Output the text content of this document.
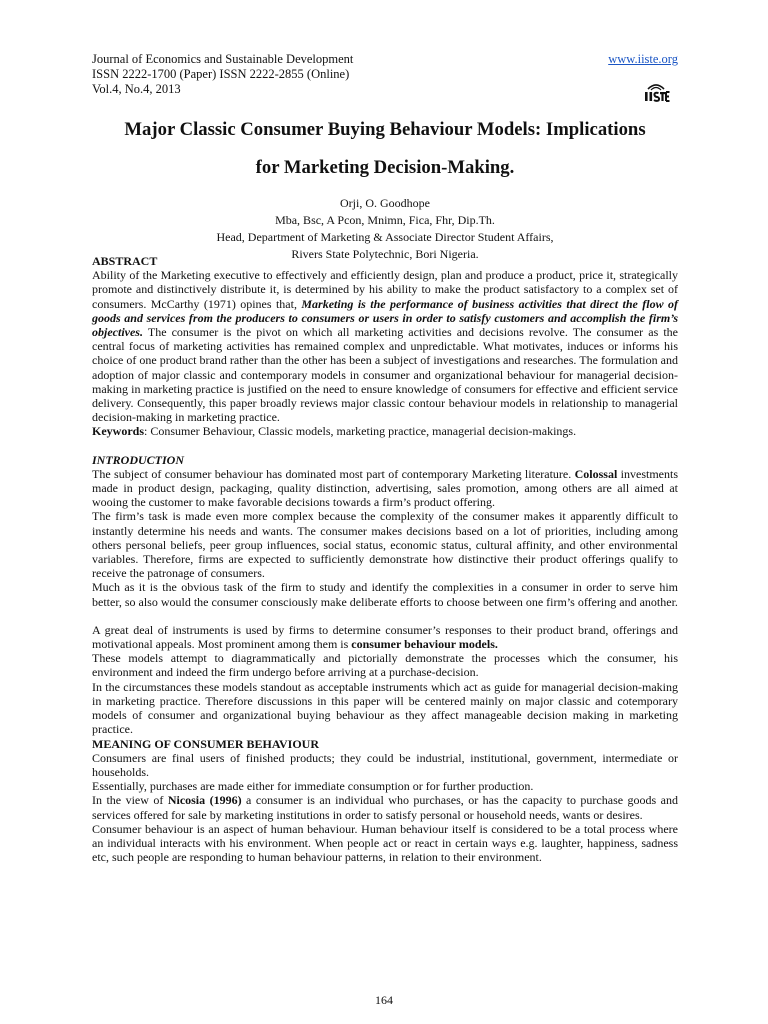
Journal of Economics and Sustainable Development
ISSN 2222-1700 (Paper) ISSN 2222-2855 (Online)
Vol.4, No.4, 2013
www.iiste.org
Major Classic Consumer Buying Behaviour Models: Implications
for Marketing Decision-Making.
Orji, O. Goodhope
Mba, Bsc, A Pcon, Mnimn, Fica, Fhr, Dip.Th.
Head, Department of Marketing & Associate Director Student Affairs,
Rivers State Polytechnic, Bori Nigeria.

ABSTRACT

Ability of the Marketing executive to effectively and efficiently design, plan and produce a product, price it, strategically promote and distinctively distribute it, is determined by his ability to make the product satisfactory to a complex set of consumers. McCarthy (1971) opines that, Marketing is the performance of business activities that direct the flow of goods and services from the producers to consumers or users in order to satisfy customers and accomplish the firm’s objectives. The consumer is the pivot on which all marketing activities and decisions revolve. The consumer as the central focus of marketing activities has remained complex and unpredictable. What motivates, induces or informs his choice of one product brand rather than the other has been a subject of investigations and researches. The formulation and adoption of major classic and contemporary models in consumer and organizational behaviour for managerial decision-making in marketing practice is justified on the need to ensure knowledge of consumers for effective and efficient service delivery. Consequently, this paper broadly reviews major classic contour behaviour models in relationship to managerial decision-making in marketing practice.

Keywords: Consumer Behaviour, Classic models, marketing practice, managerial decision-makings.

INTRODUCTION

The subject of consumer behaviour has dominated most part of contemporary Marketing literature. Colossal investments made in product design, packaging, quality distinction, advertising, sales promotion, among others are all aimed at wooing the customer to make favorable decisions towards a firm’s product offering.

The firm’s task is made even more complex because the complexity of the consumer makes it apparently difficult to instantly determine his needs and wants. The consumer makes decisions based on a lot of priorities, including among others personal beliefs, peer group influences, social status, economic status, cultural affinity, and other environmental variables. Therefore, firms are expected to sufficiently demonstrate how distinctive their product offerings qualify to receive the patronage of consumers.

Much as it is the obvious task of the firm to study and identify the complexities in a consumer in order to serve him better, so also would the consumer consciously make deliberate efforts to choose between one firm’s offering and another.

A great deal of instruments is used by firms to determine consumer’s responses to their product brand, offerings and motivational appeals. Most prominent among them is consumer behaviour models.

These models attempt to diagrammatically and pictorially demonstrate the processes which the consumer, his environment and indeed the firm undergo before arriving at a purchase-decision.

In the circumstances these models standout as acceptable instruments which act as guide for managerial decision-making in marketing practice. Therefore discussions in this paper will be centered mainly on major classic and cotemporary models of consumer and organizational buying behaviour as they affect manageable decision making in marketing practice.

MEANING OF CONSUMER BEHAVIOUR

Consumers are final users of finished products; they could be industrial, institutional, government, intermediate or households.

Essentially, purchases are made either for immediate consumption or for further production.

In the view of Nicosia (1996) a consumer is an individual who purchases, or has the capacity to purchase goods and services offered for sale by marketing institutions in order to satisfy personal or household needs, wants or desires.

Consumer behaviour is an aspect of human behaviour. Human behaviour itself is considered to be a total process where an individual interacts with his environment. When people act or react in certain ways e.g. laughter, happiness, sadness etc, such people are responding to human behaviour patterns, in relation to their environment.

164
